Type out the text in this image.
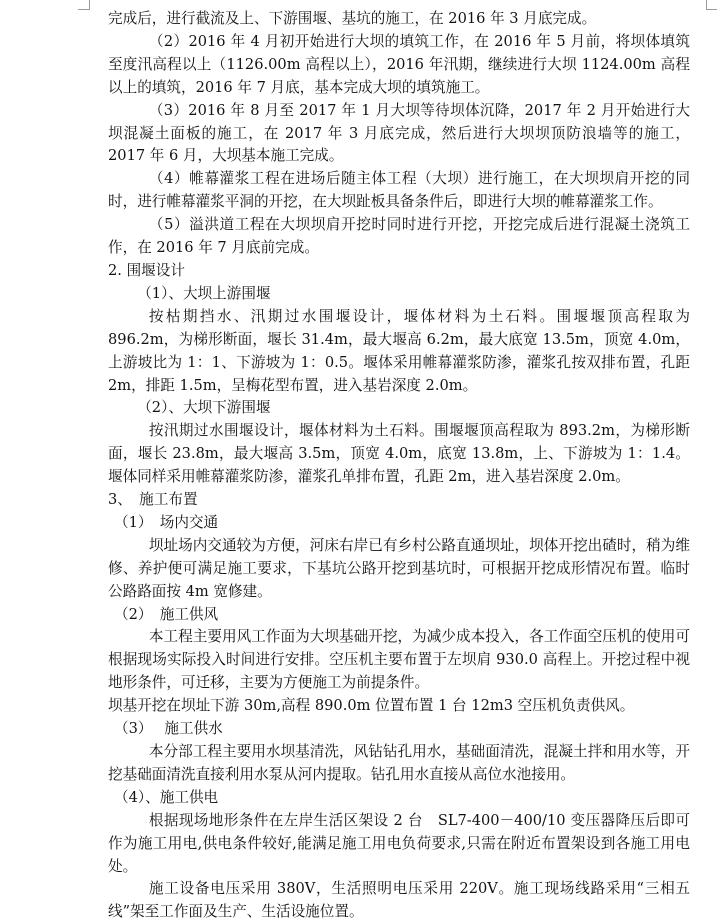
完成后，进行截流及上、下游围堰、基坑的施工，在 2016 年 3 月底完成。

（2）2016 年 4 月初开始进行大坝的填筑工作，在 2016 年 5 月前，将坝体填筑至度汛高程以上（1126.00m 高程以上），2016 年汛期，继续进行大坝 1124.00m 高程以上的填筑，2016 年 7 月底，基本完成大坝的填筑施工。

（3）2016 年 8 月至 2017 年 1 月大坝等待坝体沉降，2017 年 2 月开始进行大坝混凝土面板的施工，在 2017 年 3 月底完成，然后进行大坝坝顶防浪墙等的施工，2017 年 6 月，大坝基本施工完成。

（4）帷幕灌浆工程在进场后随主体工程（大坝）进行施工，在大坝坝肩开挖的同时，进行帷幕灌浆平洞的开挖，在大坝趾板具备条件后，即进行大坝的帷幕灌浆工作。

（5）溢洪道工程在大坝坝肩开挖时同时进行开挖，开挖完成后进行混凝土浇筑工作，在 2016 年 7 月底前完成。

2. 围堰设计

（1）、大坝上游围堰

按枯期挡水、汛期过水围堰设计，堰体材料为土石料。围堰堰顶高程取为 896.2m，为梯形断面，堰长 31.4m，最大堰高 6.2m，最大底宽 13.5m，顶宽 4.0m，上游坡比为 1：1、下游坡为 1：0.5。堰体采用帷幕灌浆防渗，灌浆孔按双排布置，孔距 2m，排距 1.5m，呈梅花型布置，进入基岩深度 2.0m。

（2）、大坝下游围堰

按汛期过水围堰设计，堰体材料为土石料。围堰堰顶高程取为 893.2m，为梯形断面，堰长 23.8m，最大堰高 3.5m，顶宽 4.0m，底宽 13.8m，上、下游坡为 1：1.4。堰体同样采用帷幕灌浆防渗，灌浆孔单排布置，孔距 2m，进入基岩深度 2.0m。

3、　施工布置

（1）　场内交通

坝址场内交通较为方便，河床右岸已有乡村公路直通坝址，坝体开挖出碴时，稍为维修、养护便可满足施工要求，下基坑公路开挖到基坑时，可根据开挖成形情况布置。临时公路路面按 4m 宽修建。

（2）　施工供风

本工程主要用风工作面为大坝基础开挖，为减少成本投入，各工作面空压机的使用可根据现场实际投入时间进行安排。空压机主要布置于左坝肩 930.0 高程上。开挖过程中视地形条件，可迁移，主要为方便施工为前提条件。

坝基开挖在坝址下游 30m,高程 890.0m 位置布置 1 台 12m3 空压机负责供风。

（3）　 施工供水

本分部工程主要用水坝基清洗，风钻钻孔用水，基础面清洗，混凝土拌和用水等，开挖基础面清洗直接利用水泵从河内提取。钻孔用水直接从高位水池接用。

（4）、施工供电

根据现场地形条件在左岸生活区架设 2 台　SL7-400－400/10 变压器降压后即可作为施工用电,供电条件较好,能满足施工用电负荷要求,只需在附近布置架设到各施工用电处。

施工设备电压采用 380V，生活照明电压采用 220V。施工现场线路采用“三相五线”架至工作面及生产、生活设施位置。
